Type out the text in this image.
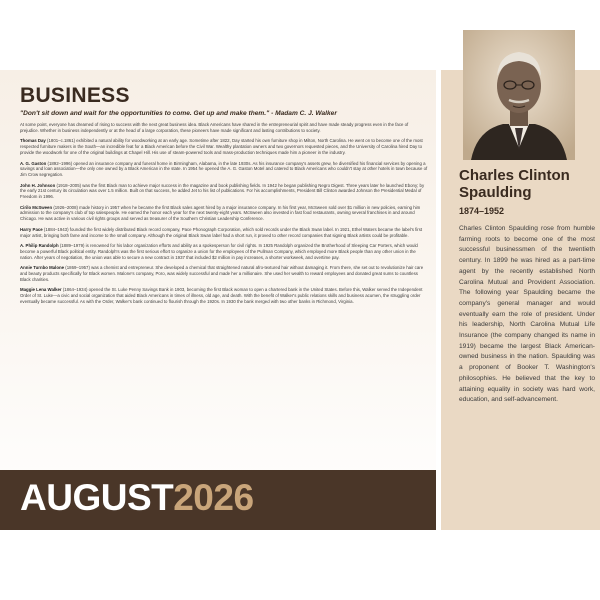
BUSINESS

"Don't sit down and wait for the opportunities to come. Get up and make them." - Madam C. J. Walker

At some point, everyone has dreamed of rising to success with the next great business idea. Black Americans have shared in the entrepreneurial spirit and have made steady progress even in the face of prejudice. Whether in business independently or at the head of a large corporation, these pioneers have made significant and lasting contributions to society.

Thomas Day (1801–c.1861) exhibited a natural ability for woodworking at an early age. Sometime after 1822, Day started his own furniture shop in Milton, North Carolina. He went on to become one of the most respected furniture makers in the South—an incredible feat for a Black American before the Civil War. Wealthy plantation owners and two governors requested pieces, and the University of Carolina hired Day to provide the woodwork for one of the original buildings at Chapel Hill. His use of steam-powered tools and mass-production techniques made him a pioneer in the industry.

A. G. Gaston (1892–1996) opened an insurance company and funeral home in Birmingham, Alabama, in the late 1930s. As his insurance company's assets grew, he diversified his financial services by opening a savings and loan association—the only one owned by a Black American in the state. In 1954 he opened the A. G. Gaston Motel and catered to Black Americans who couldn't stay at other hotels in town because of Jim Crow segregation.

John H. Johnson (1918–2005) was the first Black man to achieve major success in the magazine and book publishing fields. In 1942 he began publishing Negro Digest. Three years later he launched Ebony; by the early 21st century its circulation was over 1.5 million. Built on that success, he added Jet to his list of publications. For his accomplishments, President Bill Clinton awarded Johnson the Presidential Medal of Freedom in 1996.

Cirilo McSween (1926–2008) made history in 1957 when he became the first Black sales agent hired by a major insurance company. In his first year, McSween sold over $1 million in new policies, earning him admission to the company's club of top salespeople. He earned the honor each year for the next twenty-eight years. McSween also invested in fast food restaurants, owning several franchises in and around Chicago. He was active in various civil rights groups and served as treasurer of the Southern Christian Leadership Conference.

Harry Pace (1884–1943) founded the first widely distributed Black record company, Pace Phonograph Corporation, which sold records under the Black Swan label. In 1921, Ethel Waters became the label's first major artist, bringing both fame and income to the small company. Although the original Black Swan label had a short run, it proved to other record companies that signing Black artists could be profitable.

A. Philip Randolph (1889–1979) is renowned for his labor organization efforts and ability as a spokesperson for civil rights. In 1925 Randolph organized the Brotherhood of Sleeping Car Porters, which would become a powerful Black political entity. Randolph's was the first serious effort to organize a union for the employees of the Pullman Company, which employed more Black people than any other union in the nation. After years of negotiation, the union was able to secure a new contract in 1937 that included $2 million in pay increases, a shorter workweek, and overtime pay.

Annie Turnbo Malone (1869–1957) was a chemist and entrepreneur. She developed a chemical that straightened natural afro-textured hair without damaging it. From there, she set out to revolutionize hair care and beauty products specifically for Black women. Malone's company, Poro, was widely successful and made her a millionaire. She used her wealth to reward employees and donated great sums to countless Black charities.

Maggie Lena Walker (1864–1934) opened the St. Luke Penny Savings Bank in 1903, becoming the first Black woman to open a chartered bank in the United States. Before this, Walker served the Independent Order of St. Luke—a civic and social organization that aided Black Americans in times of illness, old age, and death. With the benefit of Walker's public relations skills and business acumen, the struggling order eventually became successful. As with the Order, Walker's bank continued to flourish through the 1920s. In 1930 the bank merged with two other banks in Richmond, Virginia.

AUGUST2026
Charles Clinton Spaulding
1874–1952
Charles Clinton Spaulding rose from humble farming roots to become one of the most successful businessmen of the twentieth century. In 1899 he was hired as a part-time agent by the recently established North Carolina Mutual and Provident Association. The following year Spaulding became the company's general manager and would eventually earn the role of president. Under his leadership, North Carolina Mutual Life Insurance (the company changed its name in 1919) became the largest Black American-owned business in the nation. Spaulding was a proponent of Booker T. Washington's philosophies. He believed that the key to attaining equality in society was hard work, education, and self-advancement.
